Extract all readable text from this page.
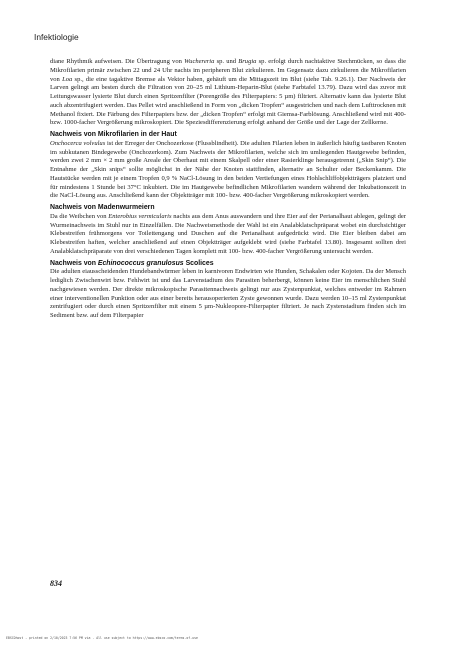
Infektiologie

diane Rhythmik aufweisen. Die Übertragung von Wuchereria sp. und Brugia sp. erfolgt durch nachtaktive Stechmücken, so dass die Mikrofilarien primär zwischen 22 und 24 Uhr nachts im peripheren Blut zirkulieren. Im Gegensatz dazu zirkulieren die Mikrofilarien von Loa sp., die eine tagaktive Bremse als Vektor haben, gehäuft um die Mittagszeit im Blut (siehe Tab. 9.26.1). Der Nachweis der Larven gelingt am besten durch die Filtration von 20–25 ml Lithium-Heparin-Blut (siehe Farbtafel 13.79). Dazu wird das zuvor mit Leitungswasser lysierte Blut durch einen Spritzenfilter (Porengröße des Filterpapiers: 5 µm) filtriert. Alternativ kann das lysierte Blut auch abzentrifugiert werden. Das Pellet wird anschließend in Form von „dicken Tropfen“ ausgestrichen und nach dem Lufttrocknen mit Methanol fixiert. Die Färbung des Filterpapiers bzw. der „dicken Tropfen“ erfolgt mit Giemsa-Farblösung. Anschließend wird mit 400- bzw. 1000-facher Vergrößerung mikroskopiert. Die Speziesdifferenzierung erfolgt anhand der Größe und der Lage der Zellkerne.

Nachweis von Mikrofilarien in der Haut

Onchocerca volvulus ist der Erreger der Onchozerkose (Flussblindheit). Die adulten Filarien leben in äußerlich häufig tastbaren Knoten im subkutanen Bindegewebe (Onchozerkom). Zum Nachweis der Mikrofilarien, welche sich im umliegenden Hautgewebe befinden, werden zwei 2 mm × 2 mm große Areale der Oberhaut mit einem Skalpell oder einer Rasierklinge herausgetrennt („Skin Snip“). Die Entnahme der „Skin snips“ sollte möglichst in der Nähe der Knoten stattfinden, alternativ an Schulter oder Beckenkamm. Die Hautstücke werden mit je einem Tropfen 0,9 % NaCl-Lösung in den beiden Vertiefungen eines Hohlschliffobjektträgers platziert und für mindestens 1 Stunde bei 37°C inkubiert. Die im Hautgewebe befindlichen Mikrofilarien wandern während der Inkubationszeit in die NaCl-Lösung aus. Anschließend kann der Objektträger mit 100- bzw. 400-facher Vergrößerung mikroskopiert werden.

Nachweis von Madenwurmeiern

Da die Weibchen von Enterobius vermicularis nachts aus dem Anus auswandern und ihre Eier auf der Perianalhaut ablegen, gelingt der Wurmeinachweis im Stuhl nur in Einzelfällen. Die Nachweismethode der Wahl ist ein Analabklatschpräparat wobei ein durchsichtiger Klebestreifen frühmorgens vor Toilettengang und Duschen auf die Perianalhaut aufgedrückt wird. Die Eier bleiben dabei am Klebestreifen haften, welcher anschließend auf einen Objektträger aufgeklebt wird (siehe Farbtafel 13.80). Insgesamt sollten drei Analabklatschpräparate von drei verschiedenen Tagen komplett mit 100- bzw. 400-facher Vergrößerung untersucht werden.

Nachweis von Echinococcus granulosus Scolices

Die adulten eiausscheidenden Hundebandwürmer leben in karnivoren Endwirten wie Hunden, Schakalen oder Kojoten. Da der Mensch lediglich Zwischenwirt bzw. Fehlwirt ist und das Larvenstadium des Parasiten beherbergt, können keine Eier im menschlichen Stuhl nachgewiesen werden. Der direkte mikroskopische Parasitennachweis gelingt nur aus Zystenpunktat, welches entweder im Rahmen einer interventionellen Punktion oder aus einer bereits herausoperierten Zyste gewonnen wurde. Dazu werden 10–15 ml Zystenpunktat zentrifugiert oder durch einen Spritzenfilter mit einem 5 µm-Nukleopore-Filterpapier filtriert. Je nach Zystenstadium finden sich im Sediment bzw. auf dem Filterpapier

834
EBSCOhost - printed on 2/10/2023 7:56 PM via . All use subject to https://www.ebsco.com/terms-of-use
